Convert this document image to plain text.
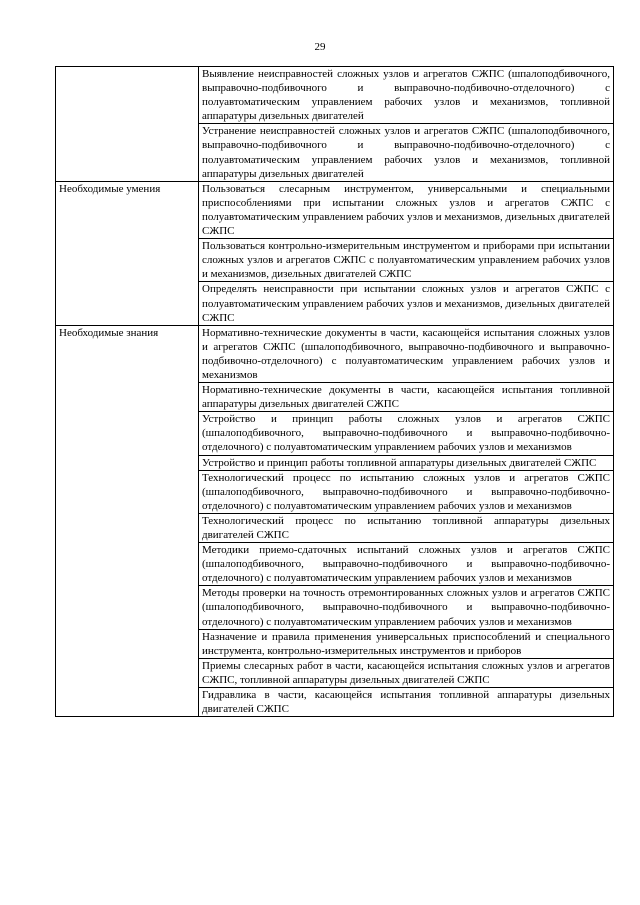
29
	Выявление неисправностей сложных узлов и агрегатов СЖПС (шпалоподбивочного, выправочно-подбивочного и выправочно-подбивочно-отделочного) с полуавтоматическим управлением рабочих узлов и механизмов, топливной аппаратуры дизельных двигателей
	Устранение неисправностей сложных узлов и агрегатов СЖПС (шпалоподбивочного, выправочно-подбивочного и выправочно-подбивочно-отделочного) с полуавтоматическим управлением рабочих узлов и механизмов, топливной аппаратуры дизельных двигателей
Необходимые умения	Пользоваться слесарным инструментом, универсальными и специальными приспособлениями при испытании сложных узлов и агрегатов СЖПС с полуавтоматическим управлением рабочих узлов и механизмов, дизельных двигателей СЖПС
	Пользоваться контрольно-измерительным инструментом и приборами при испытании сложных узлов и агрегатов СЖПС с полуавтоматическим управлением рабочих узлов и механизмов, дизельных двигателей СЖПС
	Определять неисправности при испытании сложных узлов и агрегатов СЖПС с полуавтоматическим управлением рабочих узлов и механизмов, дизельных двигателей СЖПС
Необходимые знания	Нормативно-технические документы в части, касающейся испытания сложных узлов и агрегатов СЖПС (шпалоподбивочного, выправочно-подбивочного и выправочно-подбивочно-отделочного) с полуавтоматическим управлением рабочих узлов и механизмов
	Нормативно-технические документы в части, касающейся испытания топливной аппаратуры дизельных двигателей СЖПС
	Устройство и принцип работы сложных узлов и агрегатов СЖПС (шпалоподбивочного, выправочно-подбивочного и выправочно-подбивочно-отделочного) с полуавтоматическим управлением рабочих узлов и механизмов
	Устройство и принцип работы топливной аппаратуры дизельных двигателей СЖПС
	Технологический процесс по испытанию сложных узлов и агрегатов СЖПС (шпалоподбивочного, выправочно-подбивочного и выправочно-подбивочно-отделочного) с полуавтоматическим управлением рабочих узлов и механизмов
	Технологический процесс по испытанию топливной аппаратуры дизельных двигателей СЖПС
	Методики приемо-сдаточных испытаний сложных узлов и агрегатов СЖПС (шпалоподбивочного, выправочно-подбивочного и выправочно-подбивочно-отделочного) с полуавтоматическим управлением рабочих узлов и механизмов
	Методы проверки на точность отремонтированных сложных узлов и агрегатов СЖПС (шпалоподбивочного, выправочно-подбивочного и выправочно-подбивочно-отделочного) с полуавтоматическим управлением рабочих узлов и механизмов
	Назначение и правила применения универсальных приспособлений и специального инструмента, контрольно-измерительных инструментов и приборов
	Приемы слесарных работ в части, касающейся испытания сложных узлов и агрегатов СЖПС, топливной аппаратуры дизельных двигателей СЖПС
	Гидравлика в части, касающейся испытания топливной аппаратуры дизельных двигателей СЖПС
